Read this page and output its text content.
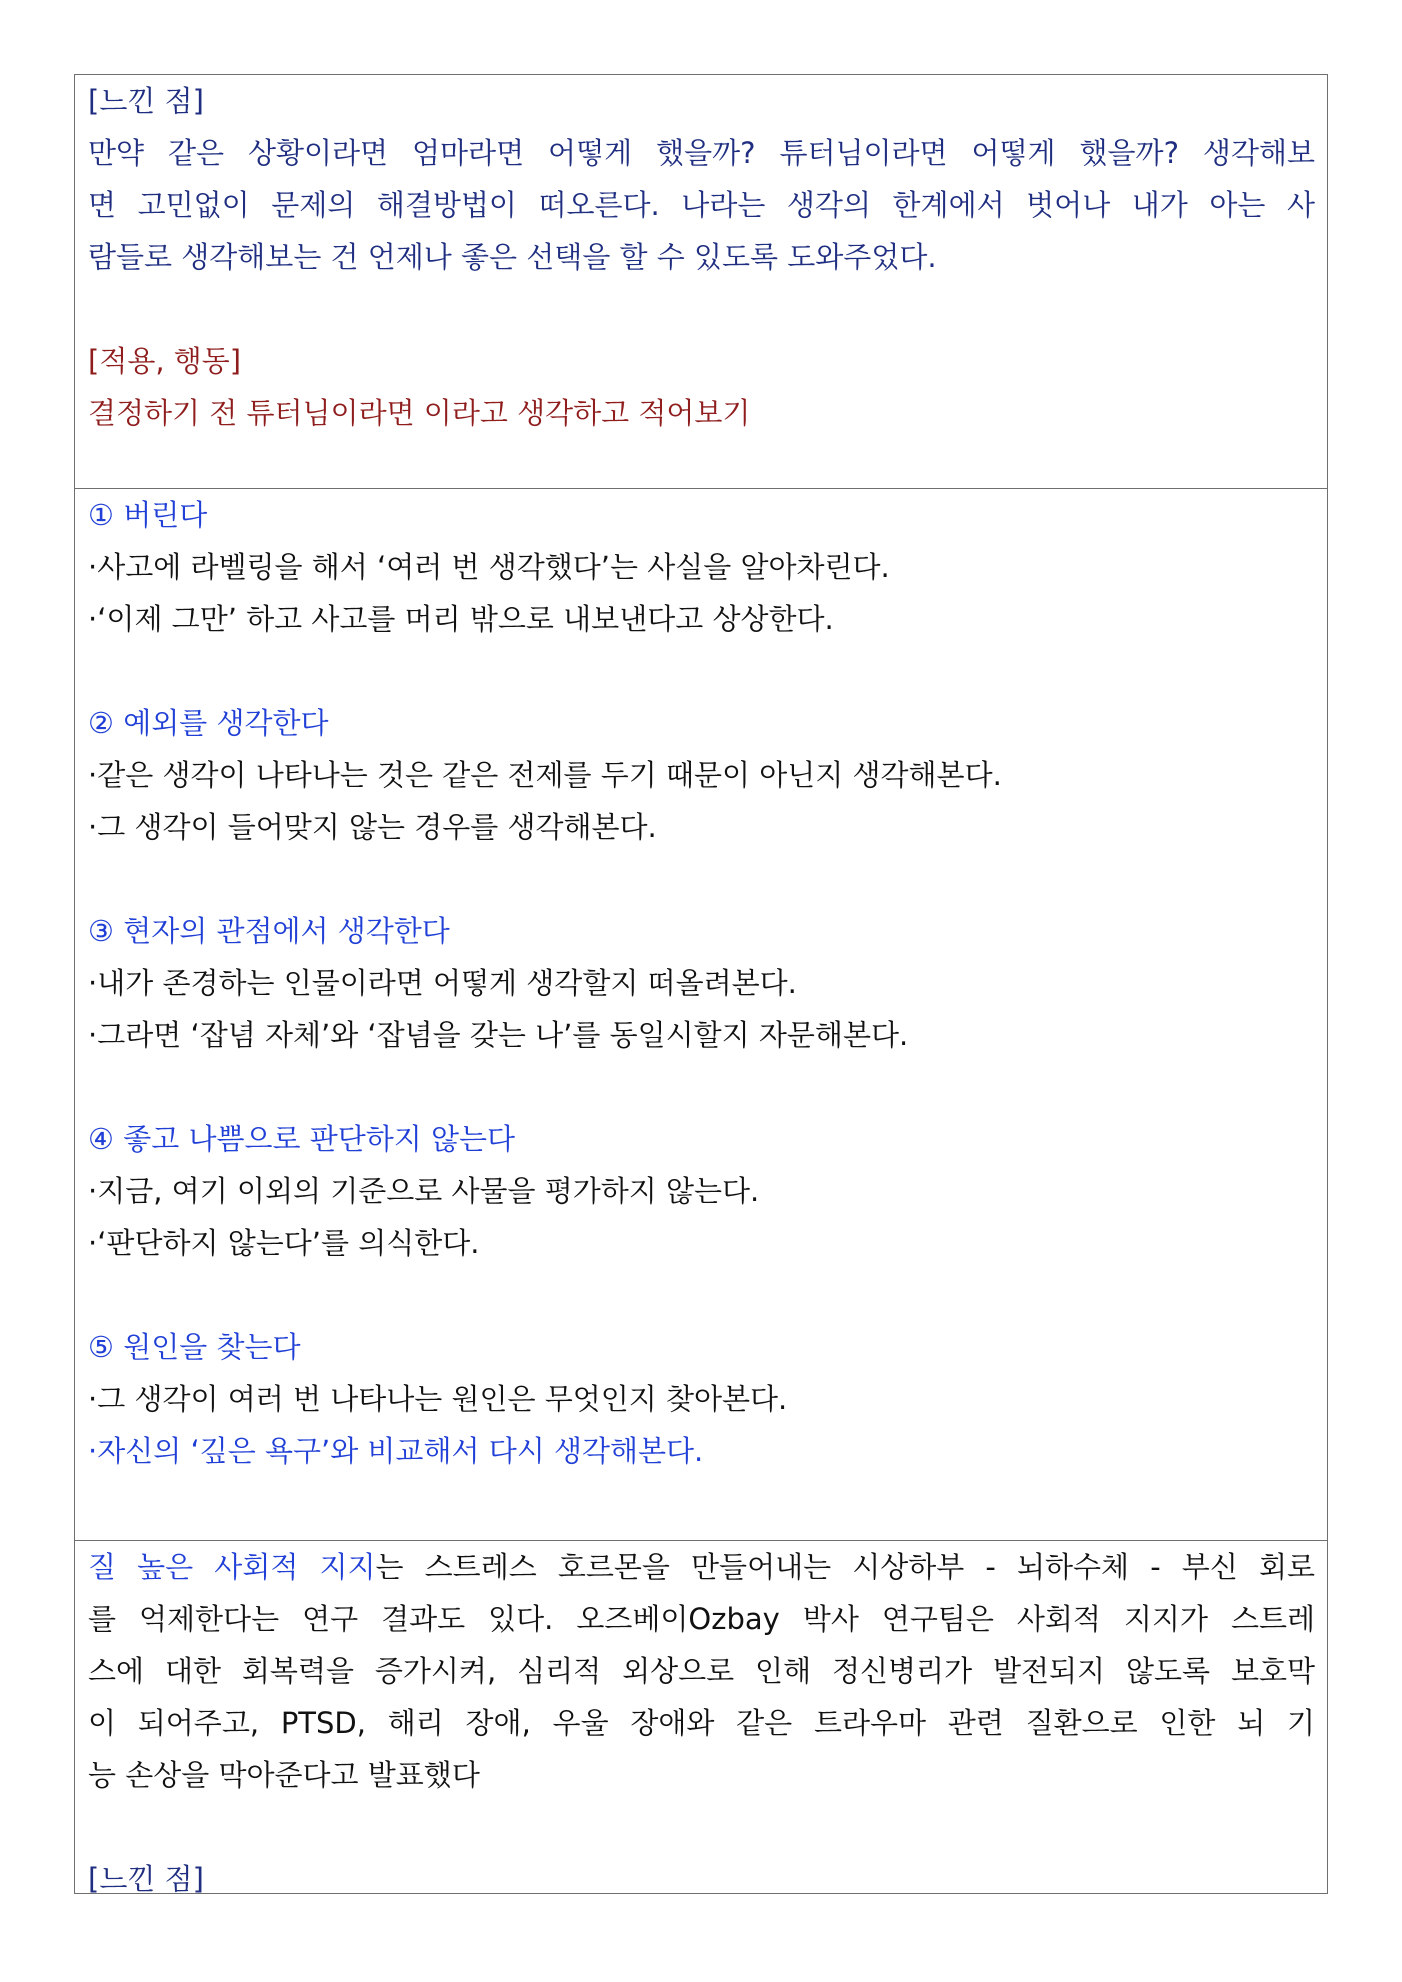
[느낀 점]

만약 같은 상황이라면 엄마라면 어떻게 했을까? 튜터님이라면 어떻게 했을까? 생각해보

면 고민없이 문제의 해결방법이 떠오른다. 나라는 생각의 한계에서 벗어나 내가 아는 사

람들로 생각해보는 건 언제나 좋은 선택을 할 수 있도록 도와주었다.

[적용, 행동]

결정하기 전 튜터님이라면 이라고 생각하고 적어보기

① 버린다

·사고에 라벨링을 해서 ‘여러 번 생각했다’는 사실을 알아차린다.

·‘이제 그만’ 하고 사고를 머리 밖으로 내보낸다고 상상한다.

② 예외를 생각한다

·같은 생각이 나타나는 것은 같은 전제를 두기 때문이 아닌지 생각해본다.

·그 생각이 들어맞지 않는 경우를 생각해본다.

③ 현자의 관점에서 생각한다

·내가 존경하는 인물이라면 어떻게 생각할지 떠올려본다.

·그라면 ‘잡념 자체’와 ‘잡념을 갖는 나’를 동일시할지 자문해본다.

④ 좋고 나쁨으로 판단하지 않는다

·지금, 여기 이외의 기준으로 사물을 평가하지 않는다.

·‘판단하지 않는다’를 의식한다.

⑤ 원인을 찾는다

·그 생각이 여러 번 나타나는 원인은 무엇인지 찾아본다.

·자신의 ‘깊은 욕구’와 비교해서 다시 생각해본다.

질 높은 사회적 지지는 스트레스 호르몬을 만들어내는 시상하부 - 뇌하수체 - 부신 회로

를 억제한다는 연구 결과도 있다. 오즈베이Ozbay 박사 연구팀은 사회적 지지가 스트레

스에 대한 회복력을 증가시켜, 심리적 외상으로 인해 정신병리가 발전되지 않도록 보호막

이 되어주고, PTSD, 해리 장애, 우울 장애와 같은 트라우마 관련 질환으로 인한 뇌 기

능 손상을 막아준다고 발표했다

[느낀 점]
